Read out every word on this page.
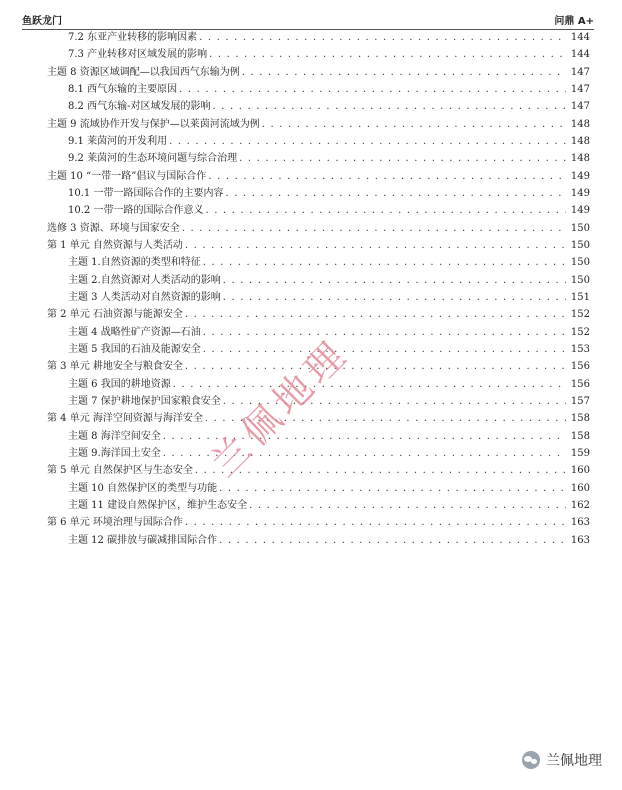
鱼跃龙门	问鼎 A+
7.2 东亚产业转移的影响因素 . . .	144
7.3 产业转移对区域发展的影响 . . .	144
主题 8 资源区域调配—以我国西气东输为例 . . .	147
8.1 西气东输的主要原因 . . .	147
8.2 西气东输-对区域发展的影响 . . .	147
主题 9 流域协作开发与保护—以莱茵河流域为例 . . .	148
9.1 莱茵河的开发利用 . . .	148
9.2 莱茵河的生态环境问题与综合治理 . . .	148
主题 10 “一带一路”倡议与国际合作 . . .	149
10.1 一带一路国际合作的主要内容 . . .	149
10.2 一带一路的国际合作意义 . . .	149
选修 3 资源、环境与国家安全 . . .	150
第 1 单元 自然资源与人类活动 . . .	150
主题 1.自然资源的类型和特征 . . .	150
主题 2.自然资源对人类活动的影响 . . .	150
主题 3 人类活动对自然资源的影响 . . .	151
第 2 单元 石油资源与能源安全 . . .	152
主题 4 战略性矿产资源—石油 . . .	152
主题 5 我国的石油及能源安全 . . .	153
第 3 单元 耕地安全与粮食安全 . . .	156
主题 6 我国的耕地资源 . . .	156
主题 7 保护耕地保护国家粮食安全 . . .	157
第 4 单元 海洋空间资源与海洋安全 . . .	158
主题 8 海洋空间安全 . . .	158
主题 9.海洋国土安全 . . .	159
第 5 单元 自然保护区与生态安全 . . .	160
主题 10 自然保护区的类型与功能 . . .	160
主题 11 建设自然保护区，维护生态安全 . . .	162
第 6 单元 环境治理与国际合作 . . .	163
主题 12 碳排放与碳减排国际合作 . . .	163
兰佩地理
兰佩地理
